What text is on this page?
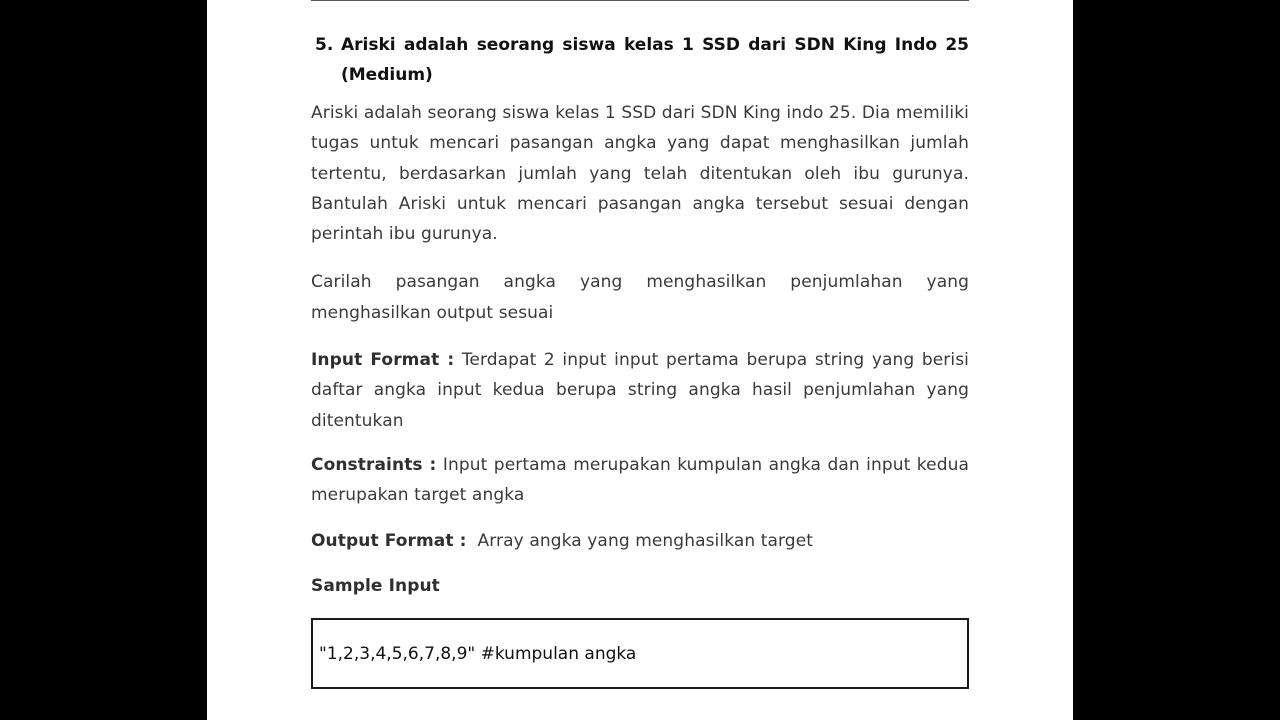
5. Ariski adalah seorang siswa kelas 1 SSD dari SDN King Indo 25 (Medium)

Ariski adalah seorang siswa kelas 1 SSD dari SDN King indo 25. Dia memiliki tugas untuk mencari pasangan angka yang dapat menghasilkan jumlah tertentu, berdasarkan jumlah yang telah ditentukan oleh ibu gurunya. Bantulah Ariski untuk mencari pasangan angka tersebut sesuai dengan perintah ibu gurunya.

Carilah pasangan angka yang menghasilkan penjumlahan yang menghasilkan output sesuai

Input Format : Terdapat 2 input input pertama berupa string yang berisi daftar angka input kedua berupa string angka hasil penjumlahan yang ditentukan

Constraints : Input pertama merupakan kumpulan angka dan input kedua merupakan target angka

Output Format :  Array angka yang menghasilkan target

Sample Input

"1,2,3,4,5,6,7,8,9" #kumpulan angka
